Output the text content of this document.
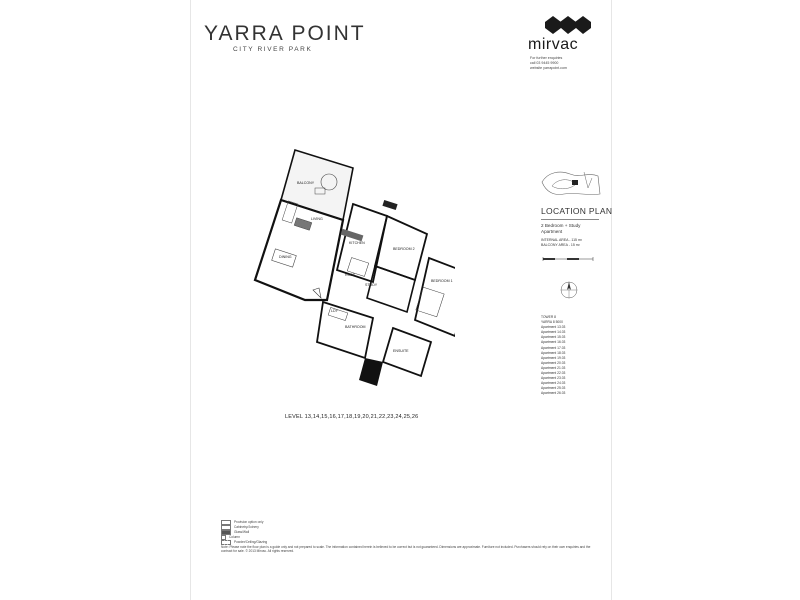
YARRA POINT
CITY RIVER PARK	mirvac
For further enquiries
call 03 9445 9900
website yarrapoint.com
LOCATION PLAN
2 Bedroom + Study
Apartment
INTERNAL AREA - 115 m²
BALCONY AREA - 15 m²
TOWER 8
YARRA 8 5000
Apartment 13.03
Apartment 14.03
Apartment 15.03
Apartment 16.03
Apartment 17.03
Apartment 18.03
Apartment 19.03
Apartment 20.03
Apartment 21.03
Apartment 22.03
Apartment 23.03
Apartment 24.03
Apartment 25.03
Apartment 26.03
BALCONY
LIVING
DINING
KITCHEN
BEDROOM 2
BEDROOM 1
STUDY
BATHROOM
ENSUITE
LDY
ROBE
LEVEL 13,14,15,16,17,18,19,20,21,22,23,24,25,26
Provision option only
Cabinetry/Joinery
Glass/Wall
Column
Powder/Ceiling/Glazing
Note: Please note the floor plan is a guide only and not prepared to scale. The information contained herein is believed to be correct but is not guaranteed. Dimensions are approximate. Furniture not included. Purchasers should rely on their own enquiries and the contract for sale. © 2013 Mirvac. All rights reserved.
